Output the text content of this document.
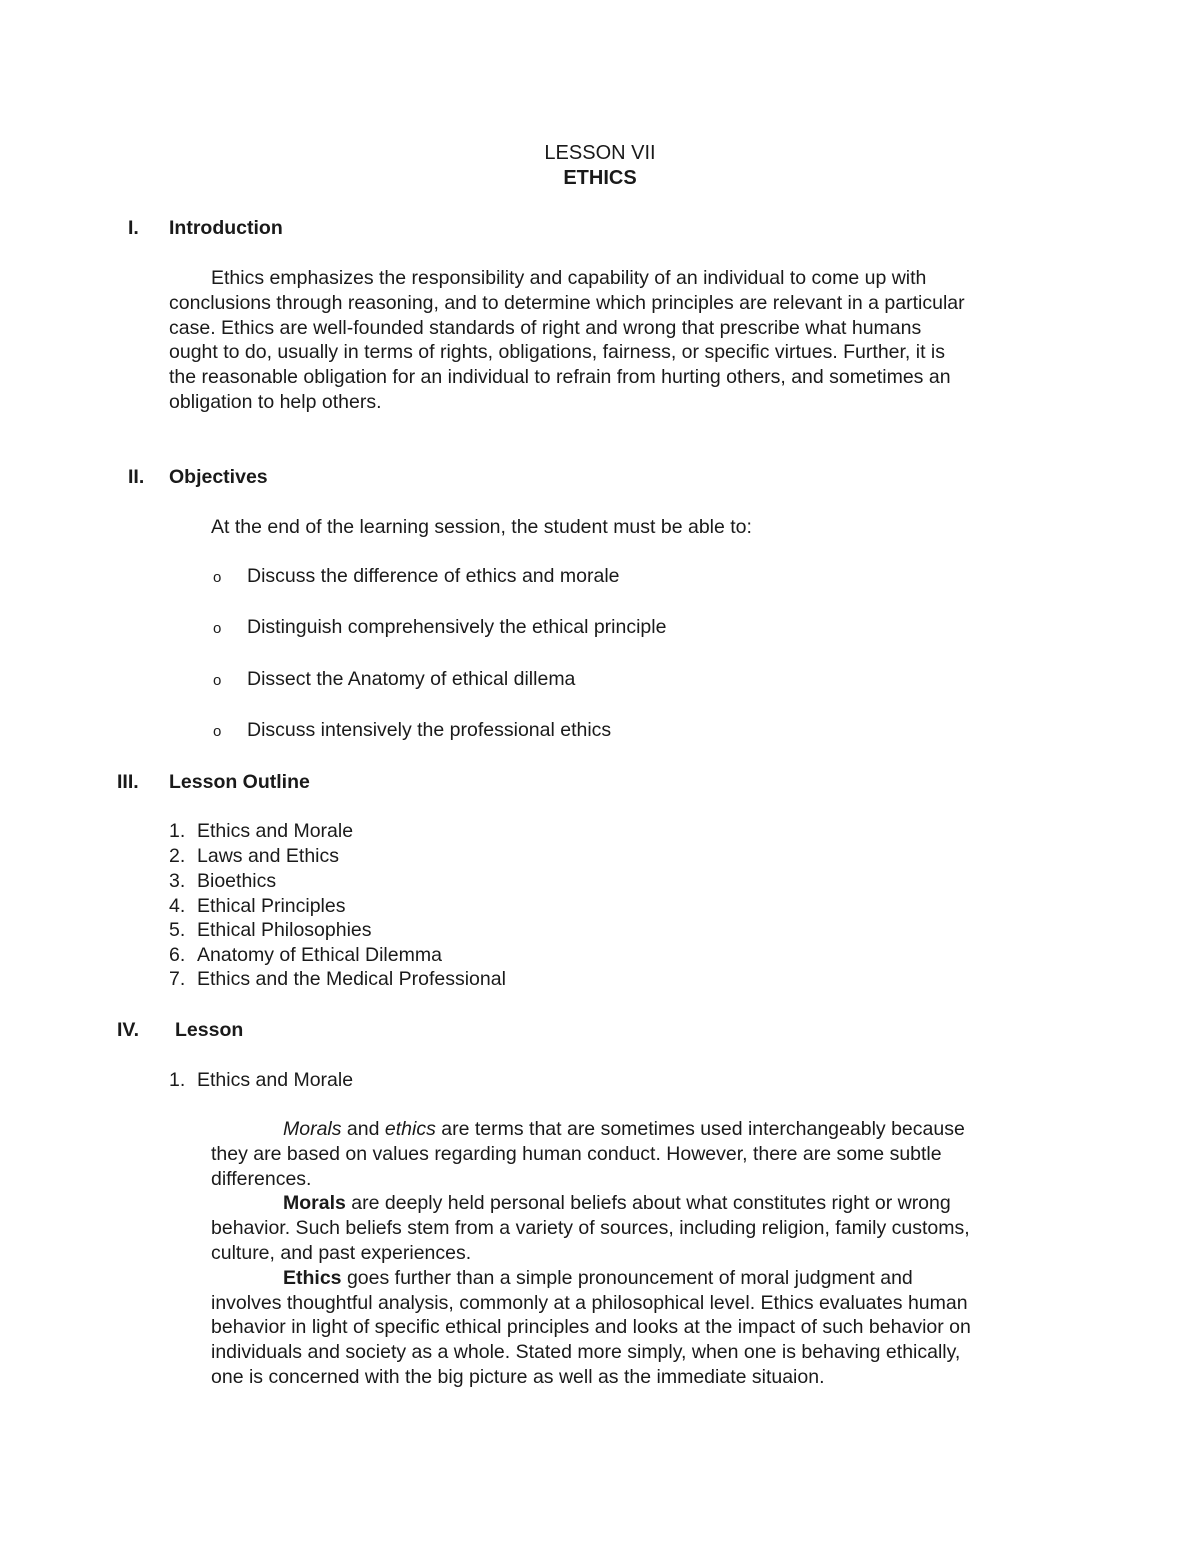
LESSON VII
ETHICS
I. Introduction
Ethics emphasizes the responsibility and capability of an individual to come up with
conclusions through reasoning, and to determine which principles are relevant in a particular
case. Ethics are well-founded standards of right and wrong that prescribe what humans
ought to do, usually in terms of rights, obligations, fairness, or specific virtues. Further, it is
the reasonable obligation for an individual to refrain from hurting others, and sometimes an
obligation to help others.
II. Objectives
At the end of the learning session, the student must be able to:
o Discuss the difference of ethics and morale
o Distinguish comprehensively the ethical principle
o Dissect the Anatomy of ethical dillema
o Discuss intensively the professional ethics
III. Lesson Outline
1. Ethics and Morale
2. Laws and Ethics
3. Bioethics
4. Ethical Principles
5. Ethical Philosophies
6. Anatomy of Ethical Dilemma
7. Ethics and the Medical Professional
IV. Lesson
1. Ethics and Morale
Morals and ethics are terms that are sometimes used interchangeably because
they are based on values regarding human conduct. However, there are some subtle
differences.
Morals are deeply held personal beliefs about what constitutes right or wrong
behavior. Such beliefs stem from a variety of sources, including religion, family customs,
culture, and past experiences.
Ethics goes further than a simple pronouncement of moral judgment and
involves thoughtful analysis, commonly at a philosophical level. Ethics evaluates human
behavior in light of specific ethical principles and looks at the impact of such behavior on
individuals and society as a whole. Stated more simply, when one is behaving ethically,
one is concerned with the big picture as well as the immediate situaion.
